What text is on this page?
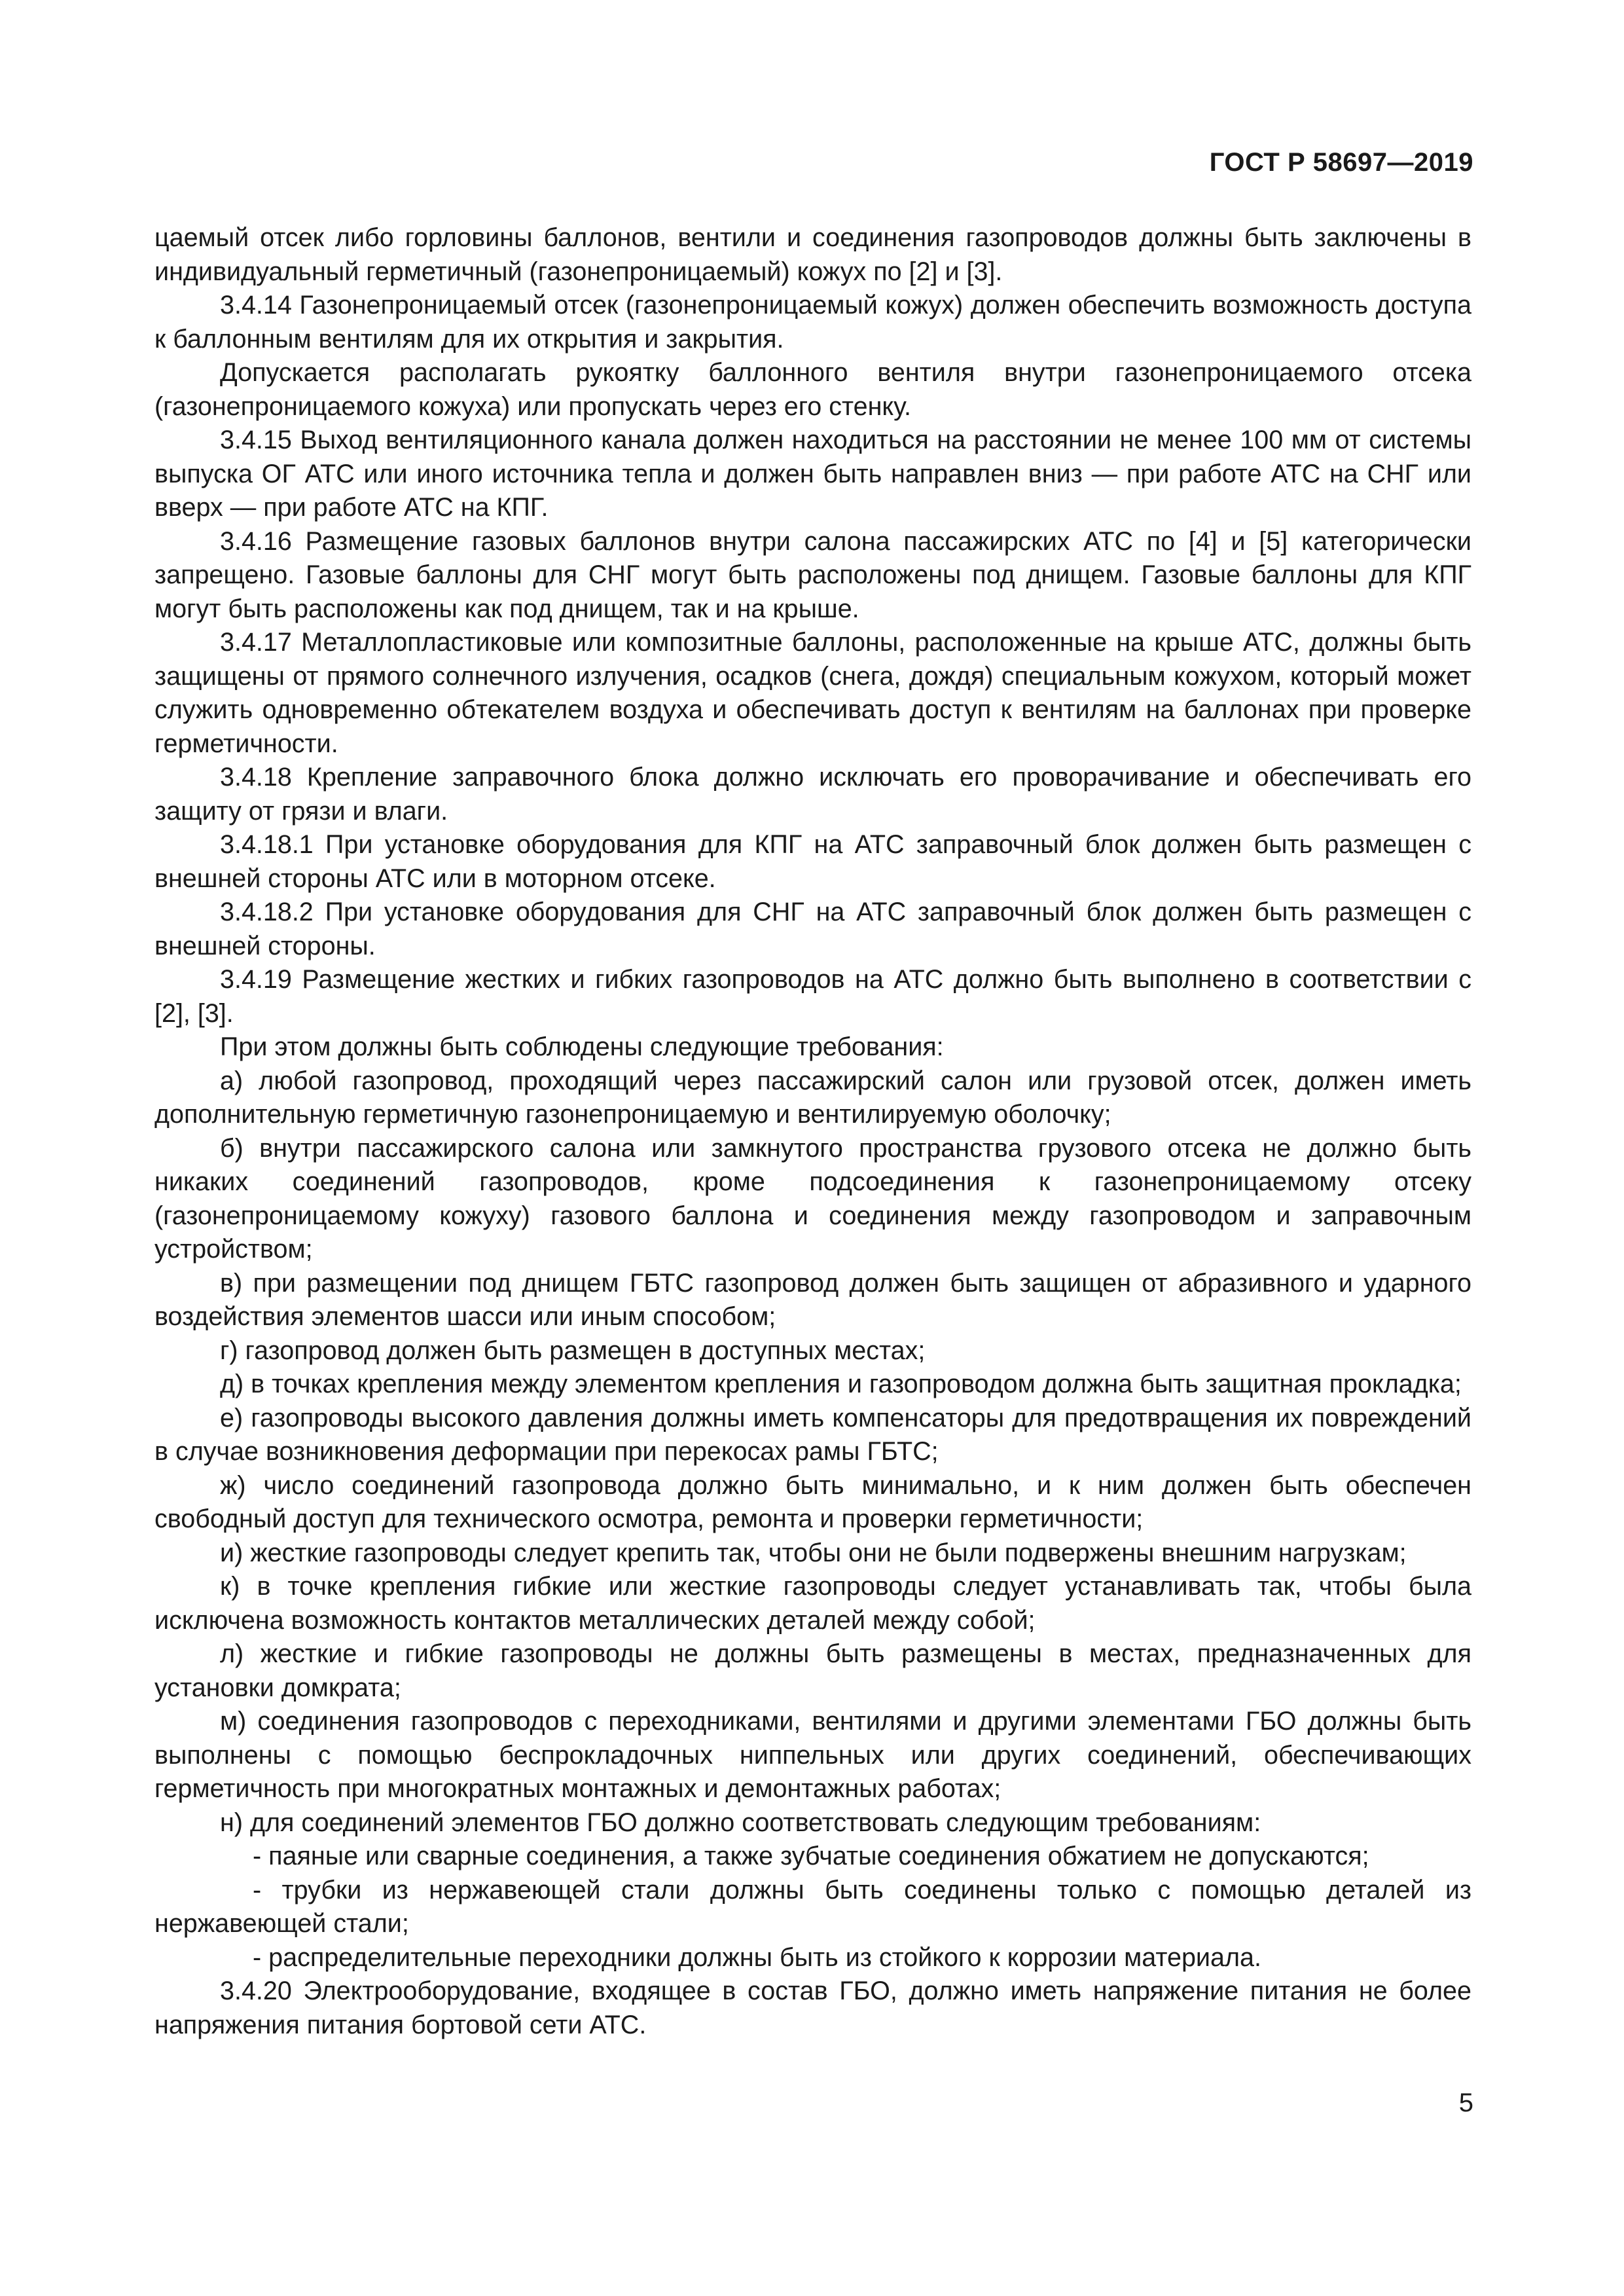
ГОСТ Р 58697—2019

цаемый отсек либо горловины баллонов, вентили и соединения газопроводов должны быть заключены в индивидуальный герметичный (газонепроницаемый) кожух по [2] и [3].

3.4.14 Газонепроницаемый отсек (газонепроницаемый кожух) должен обеспечить возможность доступа к баллонным вентилям для их открытия и закрытия.

Допускается располагать рукоятку баллонного вентиля внутри газонепроницаемого отсека (газонепроницаемого кожуха) или пропускать через его стенку.

3.4.15 Выход вентиляционного канала должен находиться на расстоянии не менее 100 мм от системы выпуска ОГ АТС или иного источника тепла и должен быть направлен вниз — при работе АТС на СНГ или вверх — при работе АТС на КПГ.

3.4.16 Размещение газовых баллонов внутри салона пассажирских АТС по [4] и [5] категорически запрещено. Газовые баллоны для СНГ могут быть расположены под днищем. Газовые баллоны для КПГ могут быть расположены как под днищем, так и на крыше.

3.4.17 Металлопластиковые или композитные баллоны, расположенные на крыше АТС, должны быть защищены от прямого солнечного излучения, осадков (снега, дождя) специальным кожухом, который может служить одновременно обтекателем воздуха и обеспечивать доступ к вентилям на баллонах при проверке герметичности.

3.4.18 Крепление заправочного блока должно исключать его проворачивание и обеспечивать его защиту от грязи и влаги.

3.4.18.1 При установке оборудования для КПГ на АТС заправочный блок должен быть размещен с внешней стороны АТС или в моторном отсеке.

3.4.18.2 При установке оборудования для СНГ на АТС заправочный блок должен быть размещен с внешней стороны.

3.4.19 Размещение жестких и гибких газопроводов на АТС должно быть выполнено в соответствии с [2], [3].

При этом должны быть соблюдены следующие требования:

а) любой газопровод, проходящий через пассажирский салон или грузовой отсек, должен иметь дополнительную герметичную газонепроницаемую и вентилируемую оболочку;

б) внутри пассажирского салона или замкнутого пространства грузового отсека не должно быть никаких соединений газопроводов, кроме подсоединения к газонепроницаемому отсеку (газонепроницаемому кожуху) газового баллона и соединения между газопроводом и заправочным устройством;

в) при размещении под днищем ГБТС газопровод должен быть защищен от абразивного и ударного воздействия элементов шасси или иным способом;

г) газопровод должен быть размещен в доступных местах;

д) в точках крепления между элементом крепления и газопроводом должна быть защитная прокладка;

е) газопроводы высокого давления должны иметь компенсаторы для предотвращения их повреждений в случае возникновения деформации при перекосах рамы ГБТС;

ж) число соединений газопровода должно быть минимально, и к ним должен быть обеспечен свободный доступ для технического осмотра, ремонта и проверки герметичности;

и) жесткие газопроводы следует крепить так, чтобы они не были подвержены внешним нагрузкам;

к) в точке крепления гибкие или жесткие газопроводы следует устанавливать так, чтобы была исключена возможность контактов металлических деталей между собой;

л) жесткие и гибкие газопроводы не должны быть размещены в местах, предназначенных для установки домкрата;

м) соединения газопроводов с переходниками, вентилями и другими элементами ГБО должны быть выполнены с помощью беспрокладочных ниппельных или других соединений, обеспечивающих герметичность при многократных монтажных и демонтажных работах;

н) для соединений элементов ГБО должно соответствовать следующим требованиям:

- паяные или сварные соединения, а также зубчатые соединения обжатием не допускаются;

- трубки из нержавеющей стали должны быть соединены только с помощью деталей из нержавеющей стали;

- распределительные переходники должны быть из стойкого к коррозии материала.

3.4.20 Электрооборудование, входящее в состав ГБО, должно иметь напряжение питания не более напряжения питания бортовой сети АТС.

5
